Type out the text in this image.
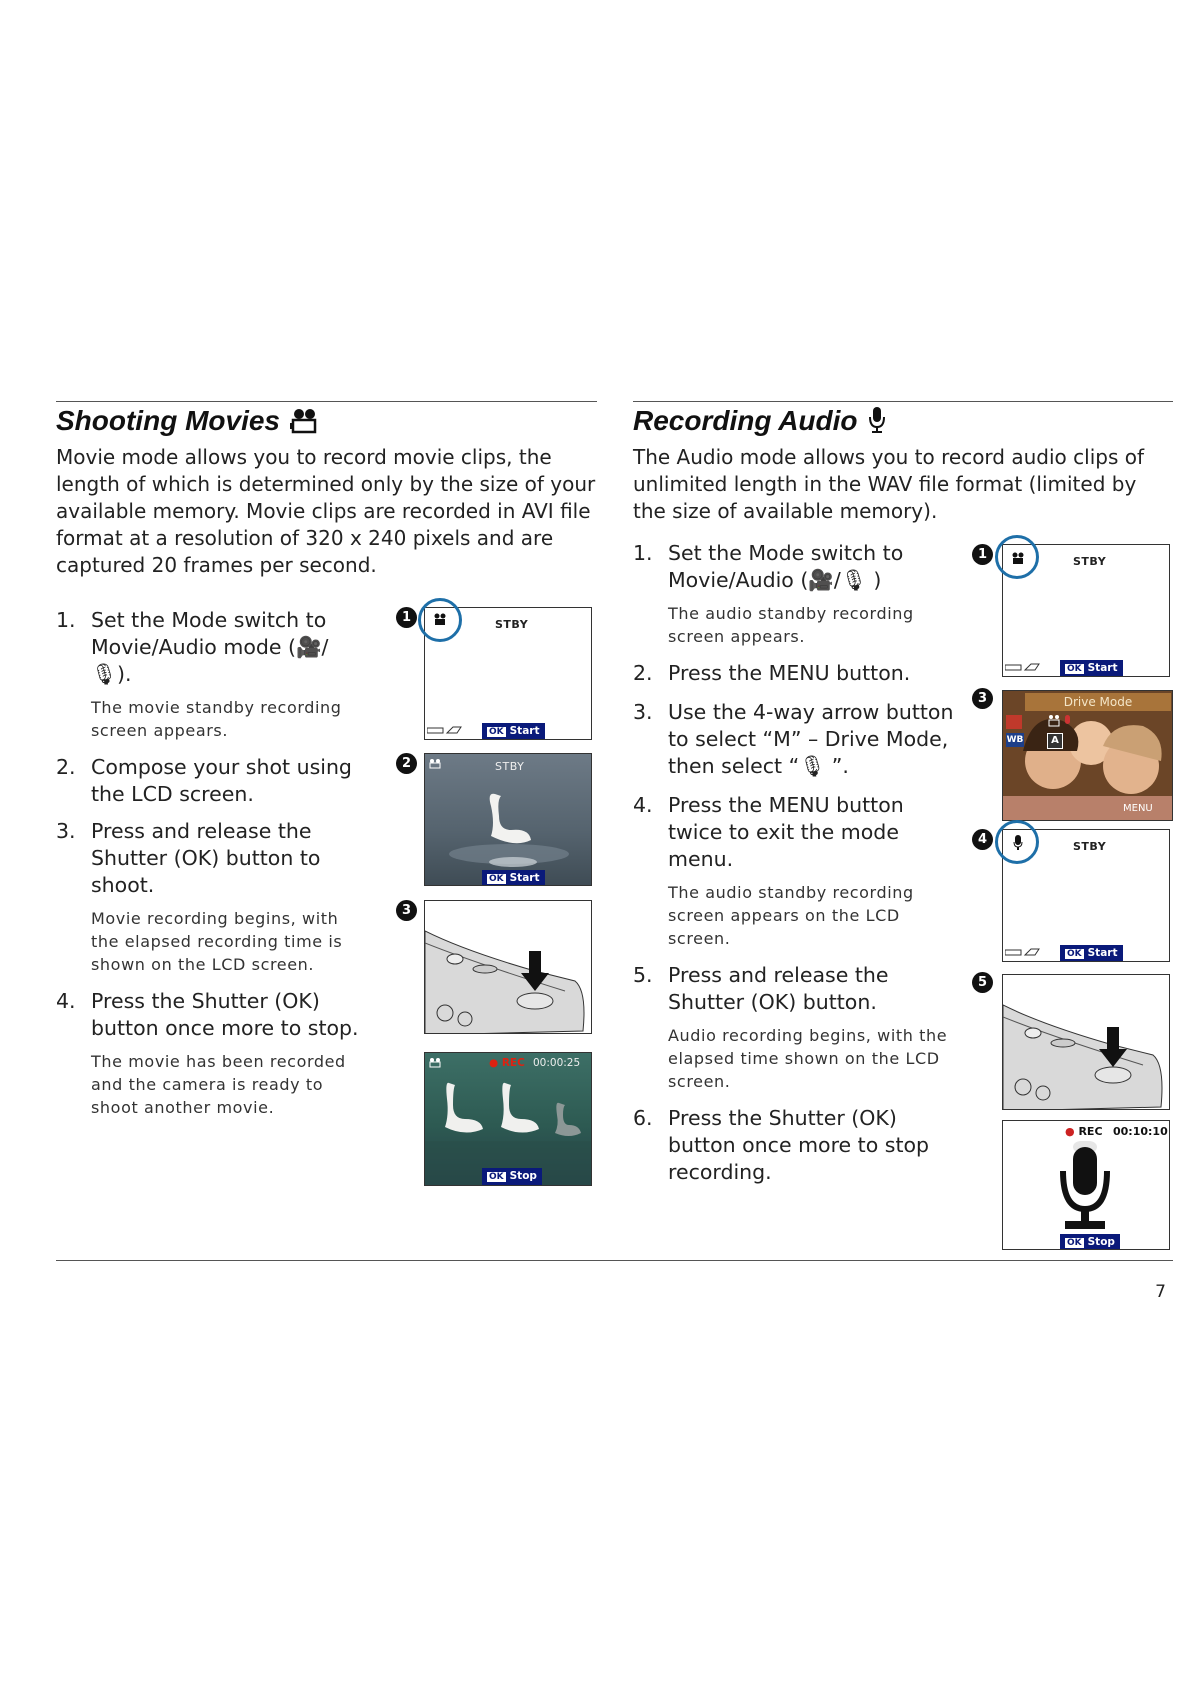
Shooting Movies

Movie mode allows you to record movie clips, the length of which is determined only by the size of your available memory. Movie clips are recorded in AVI file format at a resolution of 320 x 240 pixels and are captured 20 frames per second.

1. Set the Mode switch to Movie/Audio mode (🎥/🎙).
The movie standby recording screen appears.
2. Compose your shot using the LCD screen.
3. Press and release the Shutter (OK) button to shoot.
Movie recording begins, with the elapsed recording time is shown on the LCD screen.
4. Press the Shutter (OK) button once more to stop.
The movie has been recorded and the camera is ready to shoot another movie.
1	STBY
OK Start
2	STBY
OK Start
3
● REC 00:00:25
OK Stop
Recording Audio

The Audio mode allows you to record audio clips of unlimited length in the WAV file format (limited by the size of available memory).

1. Set the Mode switch to Movie/Audio (🎥/🎙 )
The audio standby recording screen appears.
2. Press the MENU button.
3. Use the 4-way arrow button to select “M” – Drive Mode, then select “🎙 ”.
4. Press the MENU button twice to exit the mode menu.
The audio standby recording screen appears on the LCD screen.
5. Press and release the Shutter (OK) button.
Audio recording begins, with the elapsed time shown on the LCD screen.
6. Press the Shutter (OK) button once more to stop recording.
1	STBY
OK Start
3	Drive Mode
WB	A
MENU
4	STBY
OK Start
5
● REC 00:10:10
OK Stop
7
